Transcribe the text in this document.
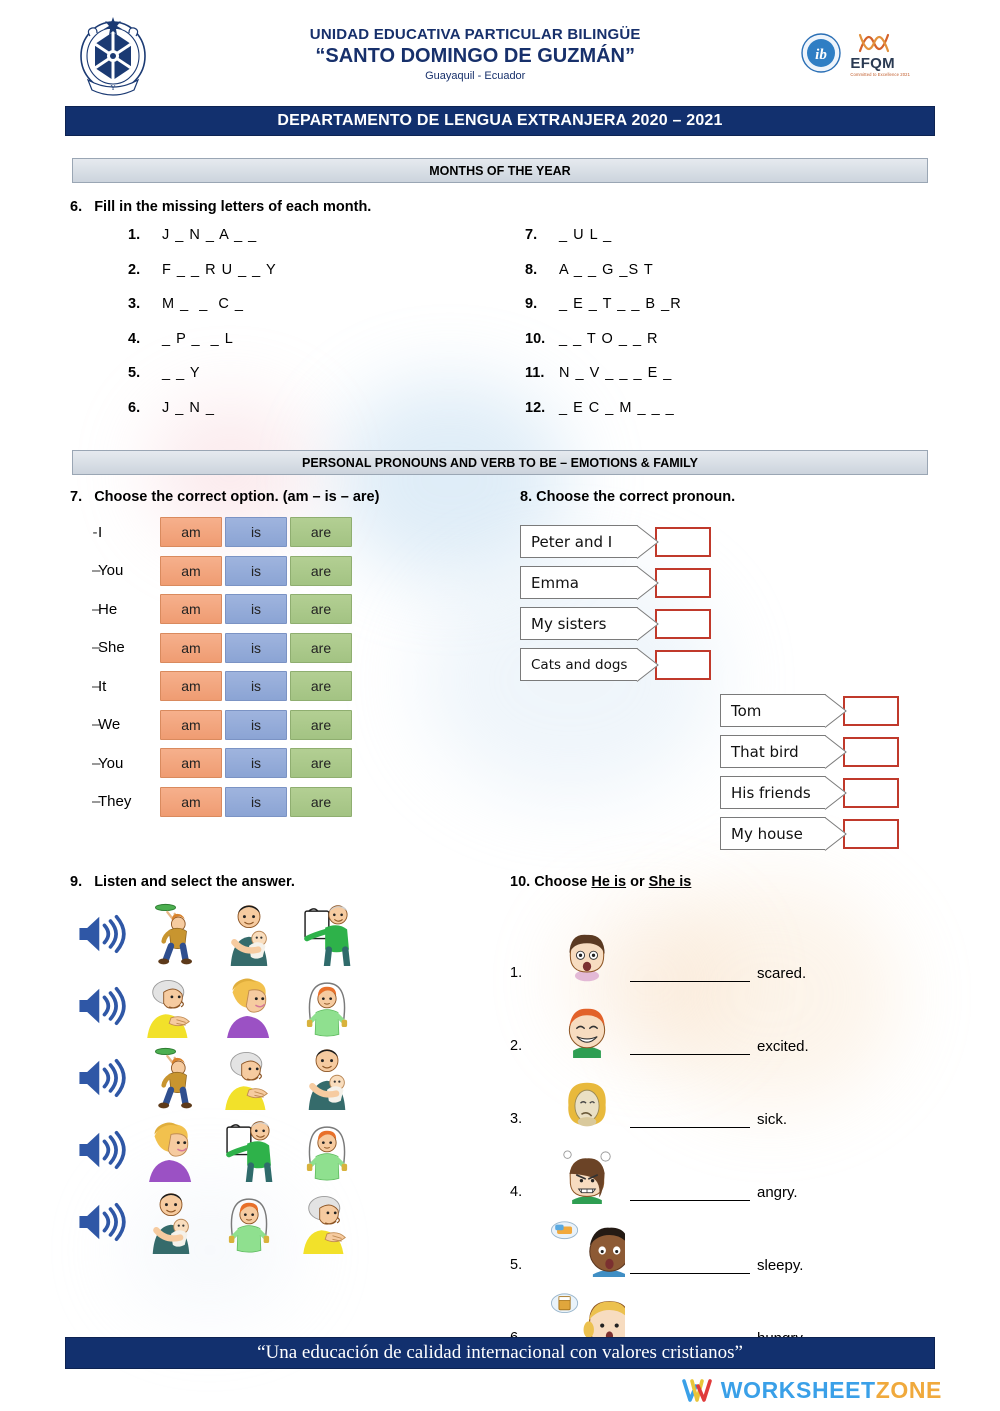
Y
UNIDAD EDUCATIVA PARTICULAR BILINGÜE
“SANTO DOMINGO DE GUZMÁN”
Guayaquil - Ecuador
ib
EFQM
Committed to Excellence 2021
DEPARTAMENTO DE LENGUA EXTRANJERA 2020 – 2021
MONTHS OF THE YEAR
6. Fill in the missing letters of each month.
1.	J _ N _ A _ _
2.	F _ _ R U _ _ Y
3.	M _  _  C _
4.	_ P _  _ L
5.	_ _ Y
6.	J _ N _
7.	_ U L _
8.	A _ _ G _S T
9.	_ E _ T _ _ B _R
10. _ _ T O _ _ R
11.	N _ V _ _ _ E _
12. _ E C _ M _ _ _
PERSONAL PRONOUNS AND VERB TO BE – EMOTIONS & FAMILY
7. Choose the correct option. (am – is – are)
- I	am	is	are
–
You	am	is	are
–
He	am	is	are
–
She	am	is	are
–
It	am	is	are
–
We	am	is	are
–
You	am	is	are
–
They	am	is	are
8. Choose the correct pronoun.
Peter and I
Emma
My sisters
Cats and dogs
Tom
That bird
His friends
My house
9. Listen and select the answer.	10. Choose He is or She is
1.	scared.
2.	excited.
3.	sick.
4.	angry.
5.	sleepy.
“Una educación de calidad internacional con valores cristianos”
WORKSHEETZONE
